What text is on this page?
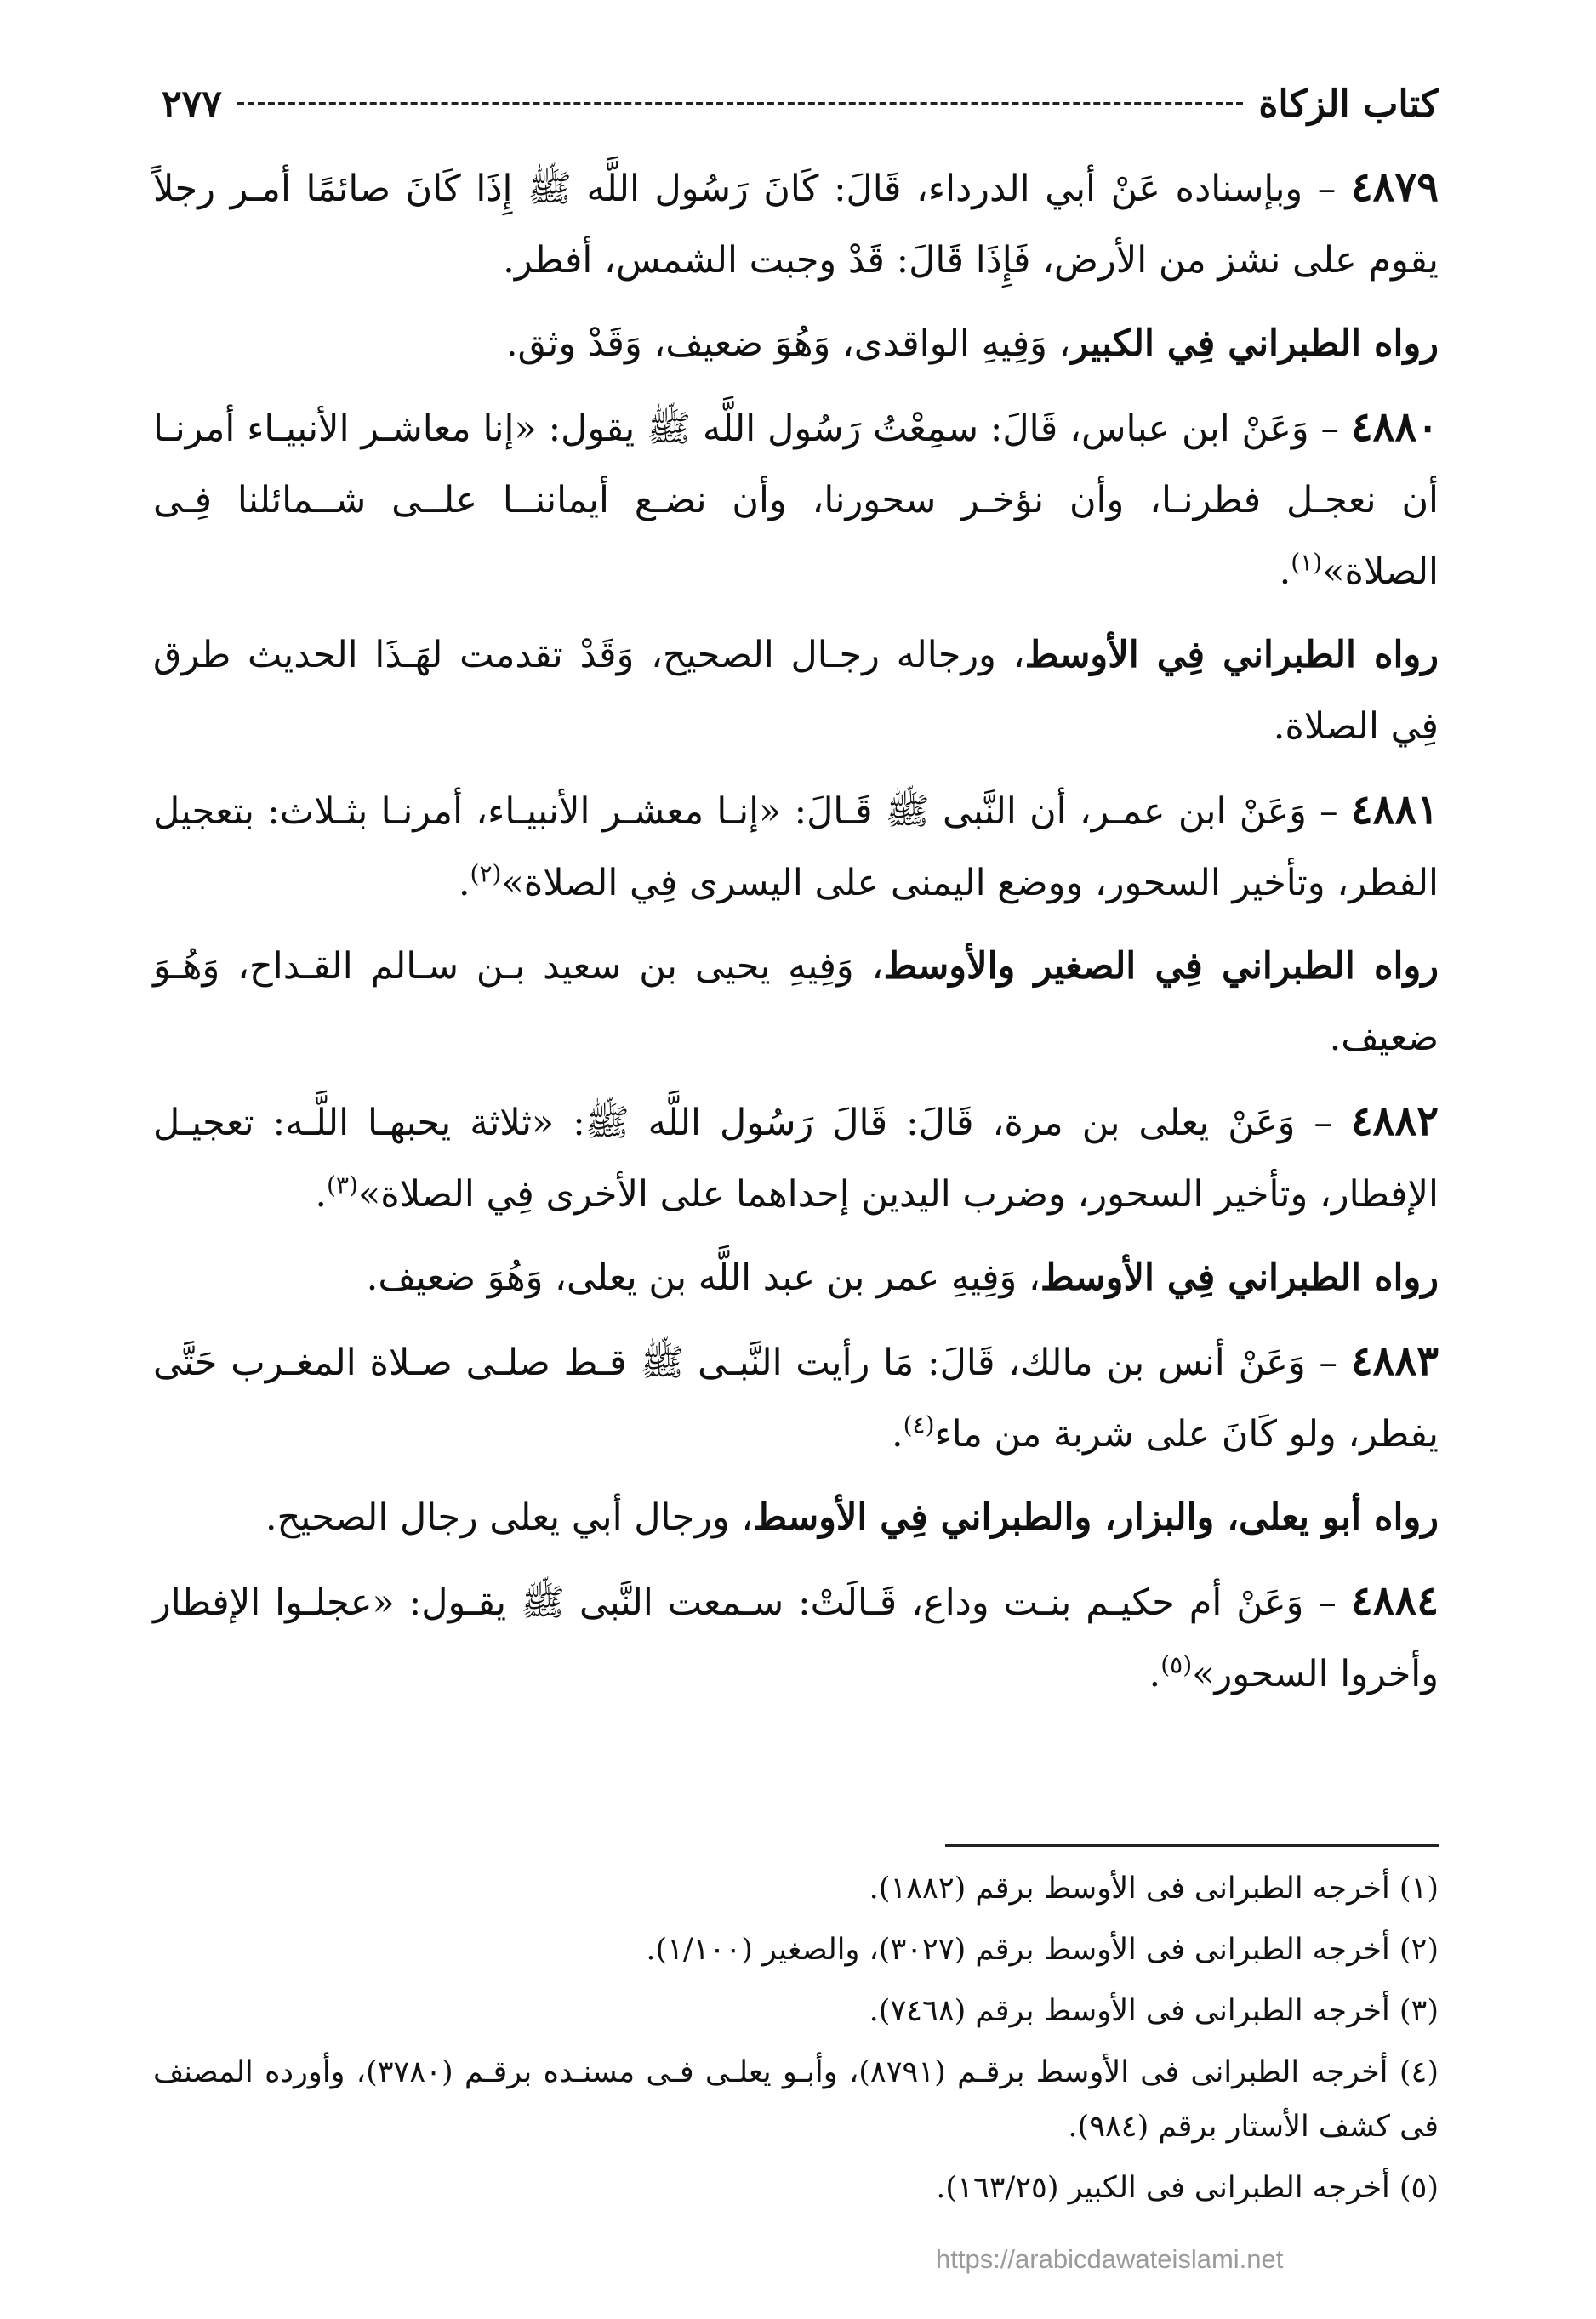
كتاب الزكاة
٢٧٧

٤٨٧٩ – وبإسناده عَنْ أبي الدرداء، قَالَ: كَانَ رَسُول اللَّه ﷺ إِذَا كَانَ صائمًا أمـر رجلاً يقوم على نشز من الأرض، فَإِذَا قَالَ: قَدْ وجبت الشمس، أفطر.

رواه الطبراني فِي الكبير، وَفِيهِ الواقدى، وَهُوَ ضعيف، وَقَدْ وثق.

٤٨٨٠ – وَعَنْ ابن عباس، قَالَ: سمِعْتُ رَسُول اللَّه ﷺ يقول: «إنا معاشـر الأنبيـاء أمرنـا أن نعجـل فطرنـا، وأن نؤخـر سحورنا، وأن نضـع أيماننــا علــى شــمائلنا فِـى الصلاة»$^{(١)}$.

رواه الطبراني فِي الأوسط، ورجاله رجـال الصحيح، وَقَدْ تقدمت لهَـذَا الحديث طرق فِي الصلاة.

٤٨٨١ – وَعَنْ ابن عمـر، أن النَّبى ﷺ قَـالَ: «إنـا معشـر الأنبيـاء، أمرنـا بثـلاث: بتعجيل الفطر، وتأخير السحور، ووضع اليمنى على اليسرى فِي الصلاة»$^{(٢)}$.

رواه الطبراني فِي الصغير والأوسط، وَفِيهِ يحيى بن سعيد بـن سـالم القـداح، وَهُـوَ ضعيف.

٤٨٨٢ – وَعَنْ يعلى بن مرة، قَالَ: قَالَ رَسُول اللَّه ﷺ: «ثلاثة يحبهـا اللَّـه: تعجيـل الإفطار، وتأخير السحور، وضرب اليدين إحداهما على الأخرى فِي الصلاة»$^{(٣)}$.

رواه الطبراني فِي الأوسط، وَفِيهِ عمر بن عبد اللَّه بن يعلى، وَهُوَ ضعيف.

٤٨٨٣ – وَعَنْ أنس بن مالك، قَالَ: مَا رأيت النَّبـى ﷺ قـط صلـى صـلاة المغـرب حَتَّى يفطر، ولو كَانَ على شربة من ماء$^{(٤)}$.

رواه أبو يعلى، والبزار، والطبراني فِي الأوسط، ورجال أبي يعلى رجال الصحيح.

٤٨٨٤ – وَعَنْ أم حكيـم بنـت وداع، قَـالَتْ: سـمعت النَّبى ﷺ يقـول: «عجلـوا الإفطار وأخروا السحور»$^{(٥)}$.

(١) أخرجه الطبرانى فى الأوسط برقم (١٨٨٢).

(٢) أخرجه الطبرانى فى الأوسط برقم (٣٠٢٧)، والصغير (١/١٠٠).

(٣) أخرجه الطبرانى فى الأوسط برقم (٧٤٦٨).

(٤) أخرجه الطبرانى فى الأوسط برقـم (٨٧٩١)، وأبـو يعلـى فـى مسنـده برقـم (٣٧٨٠)، وأورده المصنف فى كشف الأستار برقم (٩٨٤).

(٥) أخرجه الطبرانى فى الكبير (١٦٣/٢٥).

https://arabicdawateislami.net
